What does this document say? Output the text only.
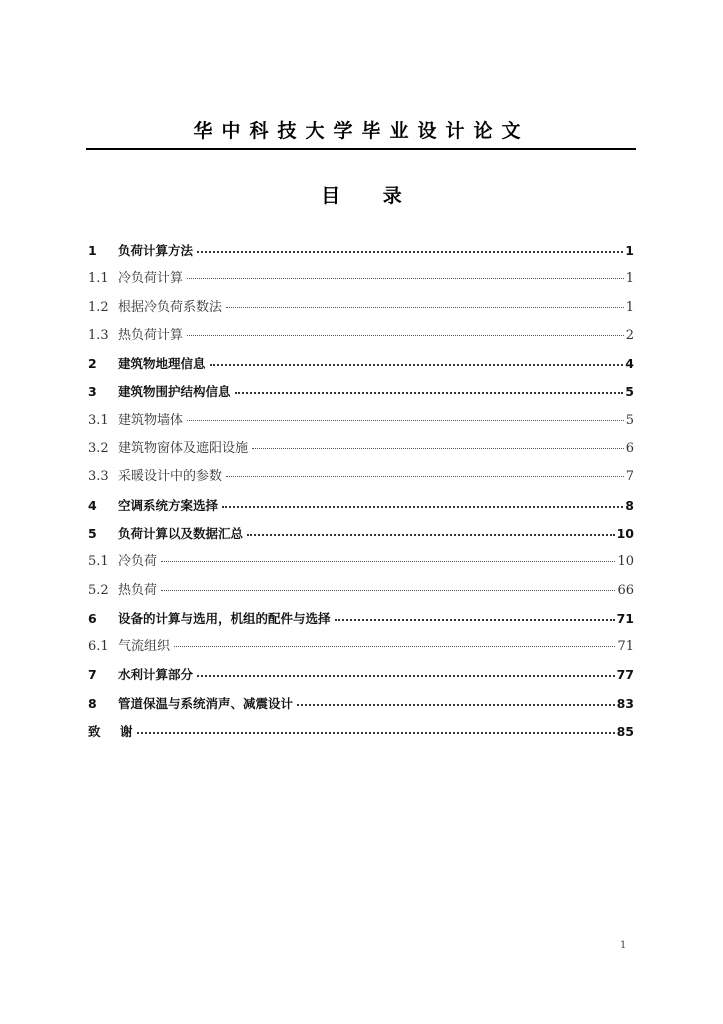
华中科技大学毕业设计论文
目 录
1	负荷计算方法	1
1.1 冷负荷计算	1
1.2 根据冷负荷系数法	1
1.3 热负荷计算	2
2	建筑物地理信息	4
3	建筑物围护结构信息	5
3.1 建筑物墙体	5
3.2 建筑物窗体及遮阳设施	6
3.3 采暖设计中的参数	7
4	空调系统方案选择	8
5	负荷计算以及数据汇总	10
5.1 冷负荷	10
5.2 热负荷	66
6	设备的计算与选用，机组的配件与选择	71
6.1 气流组织	71
7	水利计算部分	77
8	管道保温与系统消声、减震设计	83
致	谢	85
1
